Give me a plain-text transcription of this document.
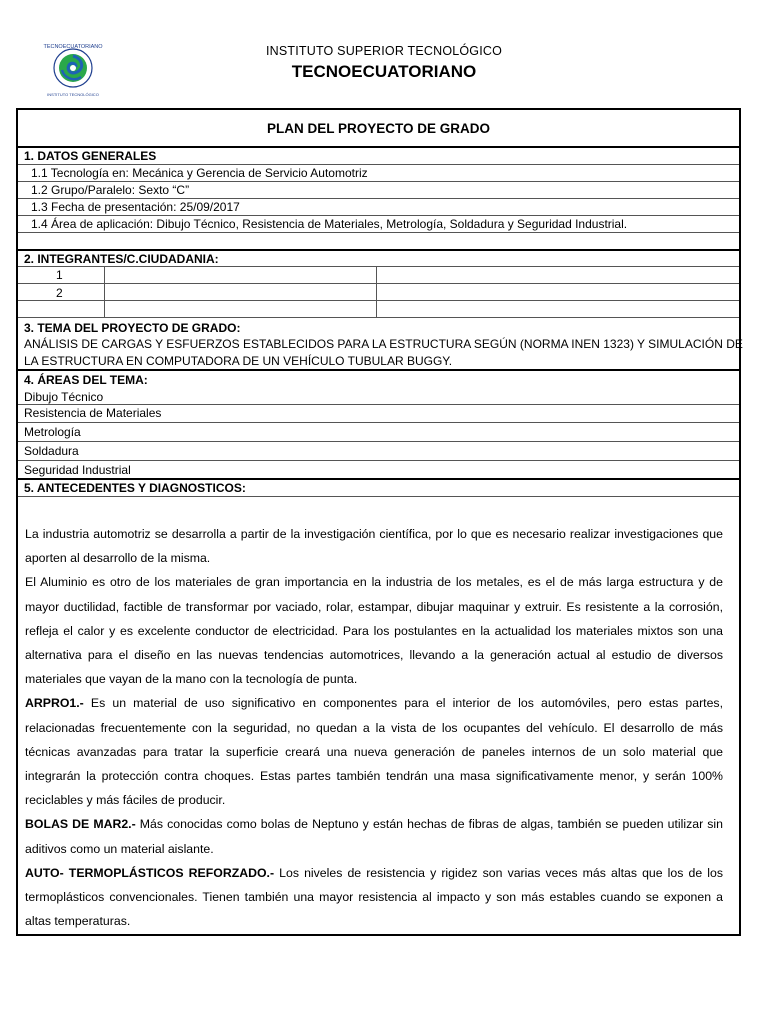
INSTITUTO TECNOLÓGICO
TECNOECUATORIANO	INSTITUTO SUPERIOR TECNOLÓGICO
TECNOECUATORIANO
PLAN DEL PROYECTO DE GRADO
1. DATOS GENERALES
1.1 Tecnología en: Mecánica y Gerencia de Servicio Automotriz
1.2 Grupo/Paralelo: Sexto “C”
1.3 Fecha de presentación: 25/09/2017
1.4 Área de aplicación: Dibujo Técnico, Resistencia de Materiales, Metrología, Soldadura y Seguridad Industrial.
2. INTEGRANTES/C.CIUDADANIA:
1
2
3. TEMA DEL PROYECTO DE GRADO:
ANÁLISIS DE CARGAS Y ESFUERZOS ESTABLECIDOS PARA LA ESTRUCTURA SEGÚN (NORMA INEN 1323) Y SIMULACIÓN DE
LA ESTRUCTURA EN COMPUTADORA DE UN VEHÍCULO TUBULAR BUGGY.
4. ÁREAS DEL TEMA:
Dibujo Técnico
Resistencia de Materiales
Metrología
Soldadura
Seguridad Industrial
5. ANTECEDENTES Y DIAGNOSTICOS:

La industria automotriz se desarrolla a partir de la investigación científica, por lo que es necesario realizar investigaciones que aporten al desarrollo de la misma.

El Aluminio es otro de los materiales de gran importancia en la industria de los metales, es el de más larga estructura y de mayor ductilidad, factible de transformar por vaciado, rolar, estampar, dibujar maquinar y extruir. Es resistente a la corrosión, refleja el calor y es excelente conductor de electricidad. Para los postulantes en la actualidad los materiales mixtos son una alternativa para el diseño en las nuevas tendencias automotrices, llevando a la generación actual al estudio de diversos materiales que vayan de la mano con la tecnología de punta.

ARPRO1.- Es un material de uso significativo en componentes para el interior de los automóviles, pero estas partes, relacionadas frecuentemente con la seguridad, no quedan a la vista de los ocupantes del vehículo. El desarrollo de más técnicas avanzadas para tratar la superficie creará una nueva generación de paneles internos de un solo material que integrarán la protección contra choques. Estas partes también tendrán una masa significativamente menor, y serán 100% reciclables y más fáciles de producir.

BOLAS DE MAR2.- Más conocidas como bolas de Neptuno y están hechas de fibras de algas, también se pueden utilizar sin aditivos como un material aislante.

AUTO- TERMOPLÁSTICOS REFORZADO.- Los niveles de resistencia y rigidez son varias veces más altas que los de los termoplásticos convencionales. Tienen también una mayor resistencia al impacto y son más estables cuando se exponen a altas temperaturas.
